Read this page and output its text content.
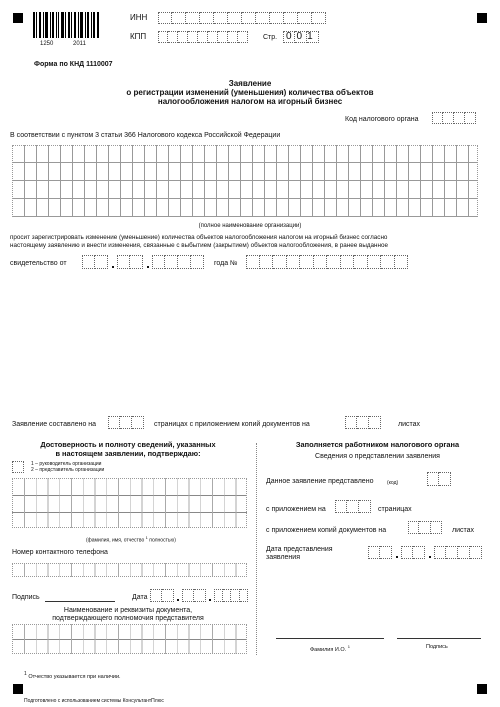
1250	2011
ИНН
КПП	Стр. 001
Форма по КНД 1110007
Заявление
о регистрации изменений (уменьшения) количества объектов
налогообложения налогом на игорный бизнес
Код налогового органа
В соответствии с пунктом 3 статьи 366 Налогового кодекса Российской Федерации
(полное наименование организации)
просит зарегистрировать изменение (уменьшение) количества объектов налогообложения налогом на игорный бизнес согласно
настоящему заявлению и внести изменения, связанные с выбытием (закрытием) объектов налогообложения, в ранее выданное
свидетельство от	года №
Заявление составлено на	страницах с приложением копий документов на	листах
Достоверность и полноту сведений, указанных
в настоящем заявлении, подтверждаю:
1 – руководитель организации
2 – представитель организации
(фамилия, имя, отчество $^1$ полностью)
Номер контактного телефона
Подпись	Дата
Наименование и реквизиты документа,
подтверждающего полномочия представителя
Заполняется работником налогового органа
Сведения о представлении заявления
Данное заявление представлено	(код)
с приложением на	страницах
с приложением копий документов на	листах
Дата представления
заявления
Фамилия И.О. $^1$	Подпись
$^1$ Отчество указывается при наличии.
Подготовлено с использованием системы КонсультантПлюс
